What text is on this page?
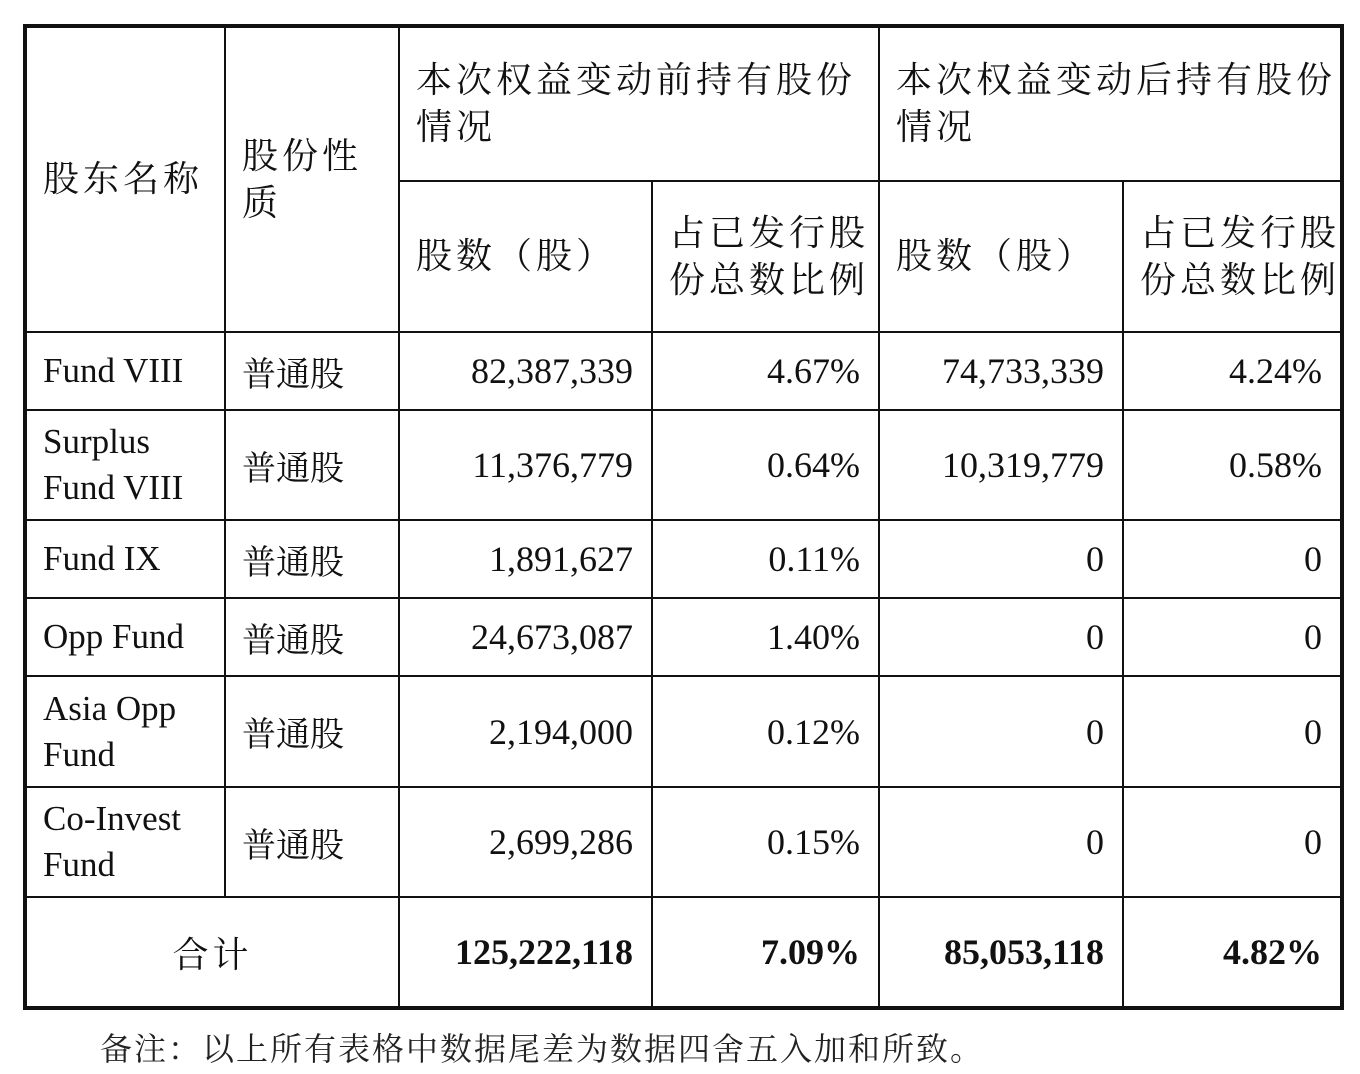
股东名称	股份性质	本次权益变动前持有股份情况		本次权益变动后持有股份情况	
		股数（股）	占已发行股份总数比例	股数（股）	占已发行股份总数比例
Fund VIII	普通股	82,387,339	4.67%	74,733,339	4.24%
Surplus Fund VIII	普通股	11,376,779	0.64%	10,319,779	0.58%
Fund IX	普通股	1,891,627	0.11%	0	0
Opp Fund	普通股	24,673,087	1.40%	0	0
Asia Opp Fund	普通股	2,194,000	0.12%	0	0
Co-Invest Fund	普通股	2,699,286	0.15%	0	0
合计		125,222,118	7.09%	85,053,118	4.82%
备注：以上所有表格中数据尾差为数据四舍五入加和所致。
